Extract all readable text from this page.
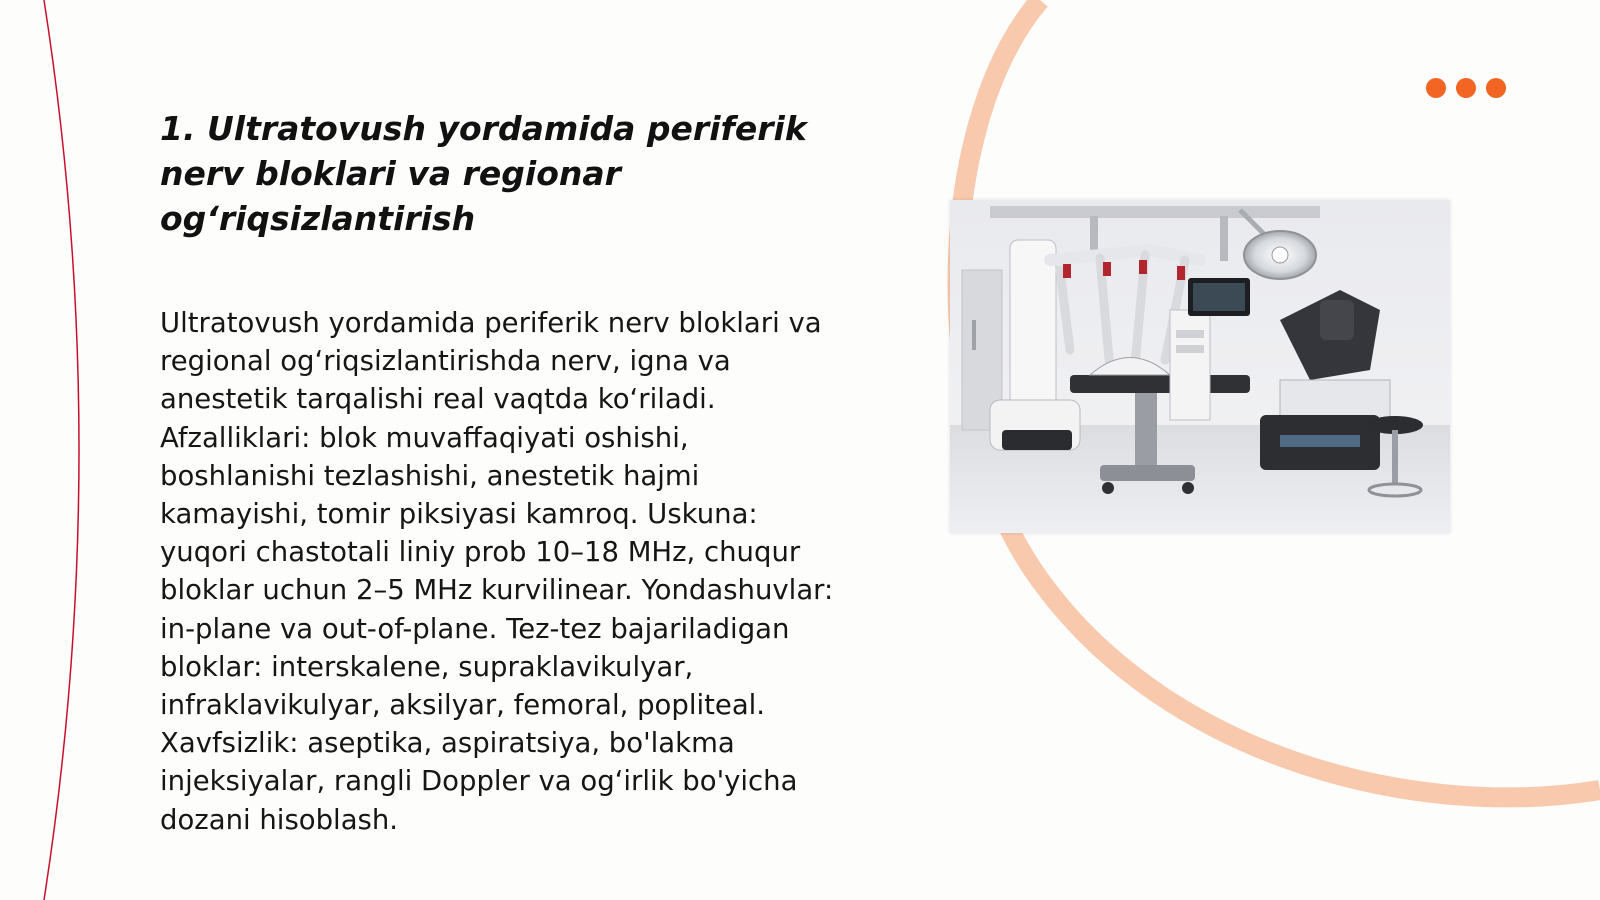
1. Ultratovush yordamida periferik nerv bloklari va regionar og‘riqsizlantirish

Ultratovush yordamida periferik nerv bloklari va regional og‘riqsizlantirishda nerv, igna va anestetik tarqalishi real vaqtda ko‘riladi. Afzalliklari: blok muvaffaqiyati oshishi, boshlanishi tezlashishi, anestetik hajmi kamayishi, tomir piksiyasi kamroq. Uskuna: yuqori chastotali liniy prob 10–18 MHz, chuqur bloklar uchun 2–5 MHz kurvilinear. Yondashuvlar: in-plane va out-of-plane. Tez-tez bajariladigan bloklar: interskalene, supraklavikulyar, infraklavikulyar, aksilyar, femoral, popliteal. Xavfsizlik: aseptika, aspiratsiya, bo'lakma injeksiyalar, rangli Doppler va og‘irlik bo'yicha dozani hisoblash.
